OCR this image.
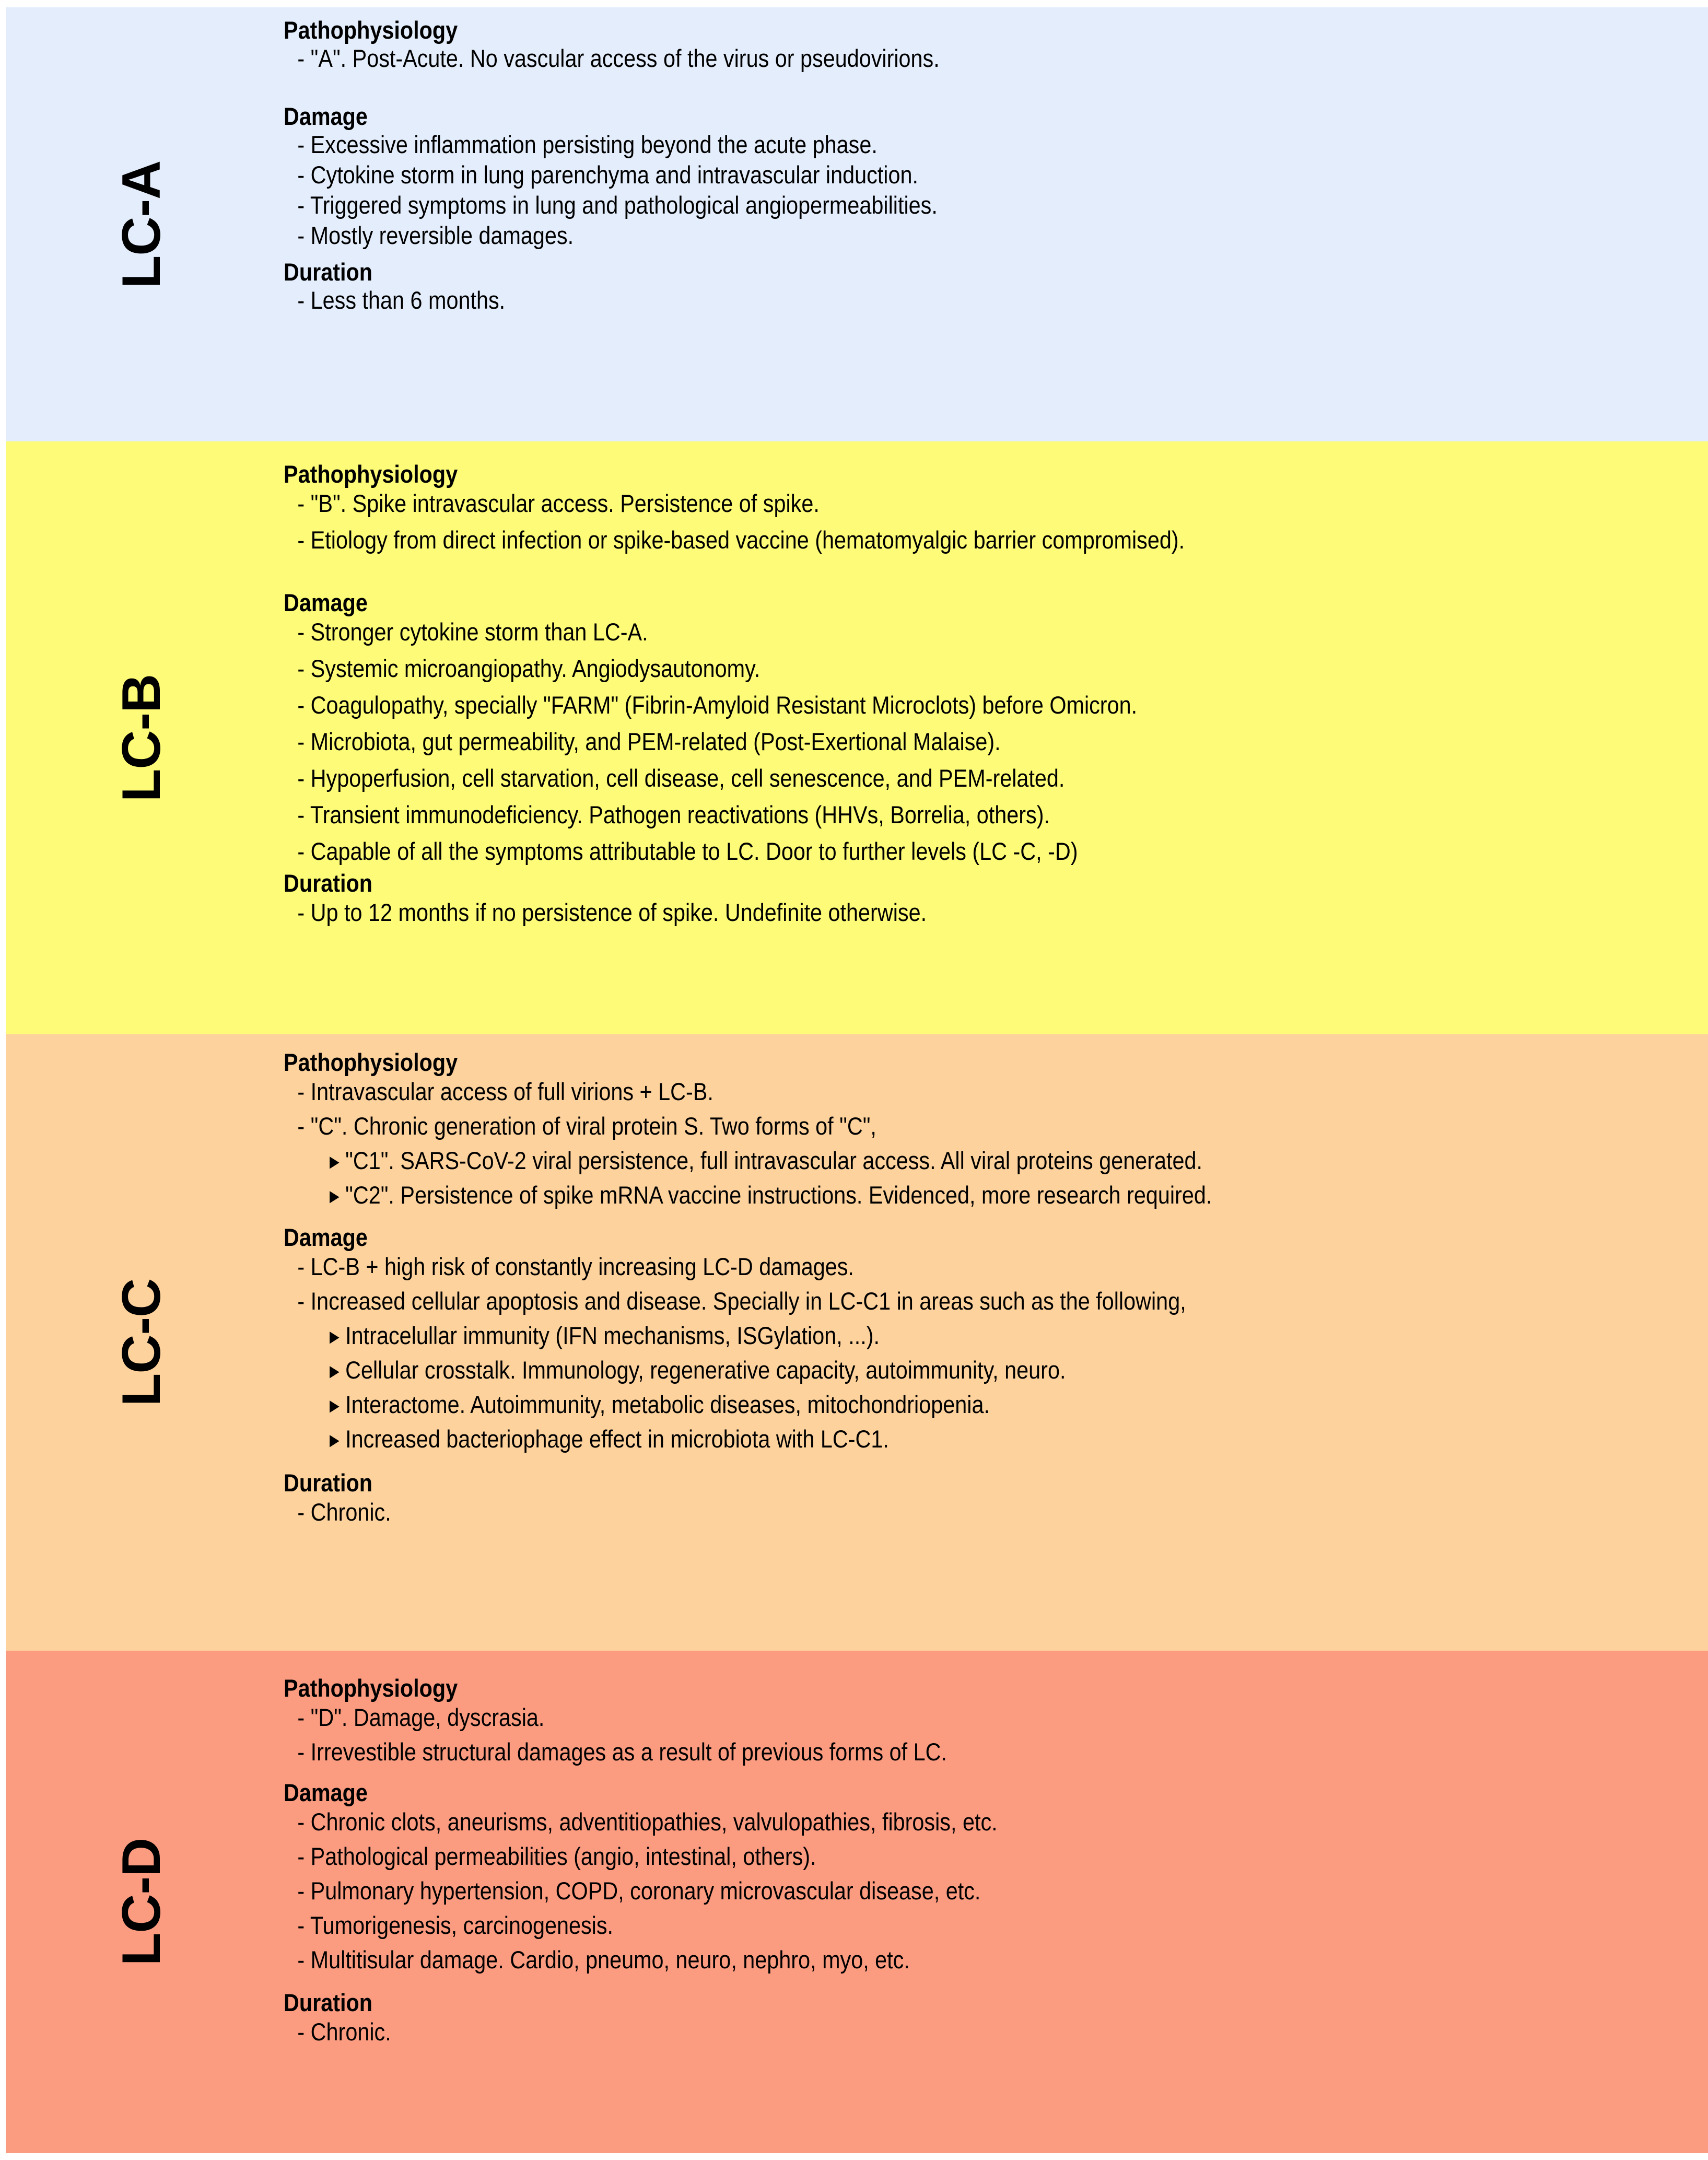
LC-A
Pathophysiology
- "A". Post-Acute. No vascular access of the virus or pseudovirions.
Damage
- Excessive inflammation persisting beyond the acute phase.
- Cytokine storm in lung parenchyma and intravascular induction.
- Triggered symptoms in lung and pathological angiopermeabilities.
- Mostly reversible damages.
Duration
- Less than 6 months.
LC-B
Pathophysiology
- "B". Spike intravascular access. Persistence of spike.
- Etiology from direct infection or spike-based vaccine (hematomyalgic barrier compromised).
Damage
- Stronger cytokine storm than LC-A.
- Systemic microangiopathy. Angiodysautonomy.
- Coagulopathy, specially "FARM" (Fibrin-Amyloid Resistant Microclots) before Omicron.
- Microbiota, gut permeability, and PEM-related (Post-Exertional Malaise).
- Hypoperfusion, cell starvation, cell disease, cell senescence, and PEM-related.
- Transient immunodeficiency. Pathogen reactivations (HHVs, Borrelia, others).
- Capable of all the symptoms attributable to LC. Door to further levels (LC -C, -D)
Duration
- Up to 12 months if no persistence of spike. Undefinite otherwise.
LC-C
Pathophysiology
- Intravascular access of full virions + LC-B.
- "C". Chronic generation of viral protein S. Two forms of "C",
▸ "C1". SARS-CoV-2 viral persistence, full intravascular access. All viral proteins generated.
▸ "C2". Persistence of spike mRNA vaccine instructions. Evidenced, more research required.
Damage
- LC-B + high risk of constantly increasing LC-D damages.
- Increased cellular apoptosis and disease. Specially in LC-C1 in areas such as the following,
▸ Intracelullar immunity (IFN mechanisms, ISGylation, ...).
▸ Cellular crosstalk. Immunology, regenerative capacity, autoimmunity, neuro.
▸ Interactome. Autoimmunity, metabolic diseases, mitochondriopenia.
▸ Increased bacteriophage effect in microbiota with LC-C1.
Duration
- Chronic.
LC-D
Pathophysiology
- "D". Damage, dyscrasia.
- Irrevestible structural damages as a result of previous forms of LC.
Damage
- Chronic clots, aneurisms, adventitiopathies, valvulopathies, fibrosis, etc.
- Pathological permeabilities (angio, intestinal, others).
- Pulmonary hypertension, COPD, coronary microvascular disease, etc.
- Tumorigenesis, carcinogenesis.
- Multitisular damage. Cardio, pneumo, neuro, nephro, myo, etc.
Duration
- Chronic.
